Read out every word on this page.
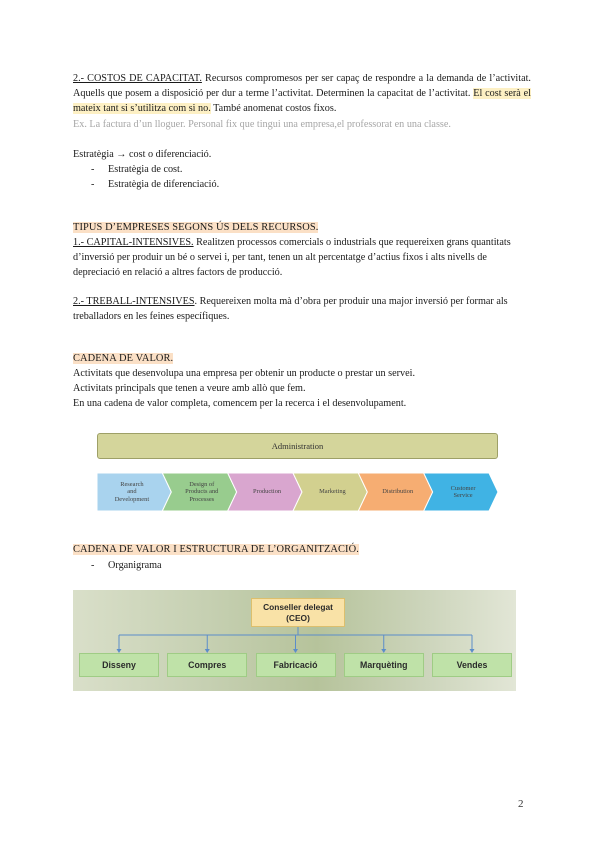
2.- COSTOS DE CAPACITAT. Recursos compromesos per ser capaç de respondre a la demanda de l’activitat. Aquells que posem a disposició per dur a terme l’activitat. Determinen la capacitat de l’activitat. El cost serà el mateix tant si s’utilitza com si no. També anomenat costos fixos.
Ex. La factura d’un lloguer. Personal fix que tingui una empresa,el professorat en una classe.
Estratègia → cost o diferenciació.
- Estratègia de cost.
- Estratègia de diferenciació.
TIPUS D’EMPRESES SEGONS ÚS DELS RECURSOS.
1.- CAPITAL-INTENSIVES. Realitzen processos comercials o industrials que requereixen grans quantitats d’inversió per produir un bé o servei i, per tant, tenen un alt percentatge d’actius fixos i alts nivells de depreciació en relació a altres factors de producció.
2.- TREBALL-INTENSIVES. Requereixen molta mà d’obra per produir una major inversió per formar als treballadors en les feines específiques.
CADENA DE VALOR.
Activitats que desenvolupa una empresa per obtenir un producte o prestar un servei.
Activitats principals que tenen a veure amb allò que fem.
En una cadena de valor completa, comencem per la recerca i el desenvolupament.
Administration
Research
and
Development
Design of
Products and
Processes
Production	Marketing	Distribution
Customer
Service
CADENA DE VALOR I ESTRUCTURA DE L’ORGANITZACIÓ.
- Organigrama
Conseller delegat
(CEO)
Disseny	Compres	Fabricació	Marquèting	Vendes
2
